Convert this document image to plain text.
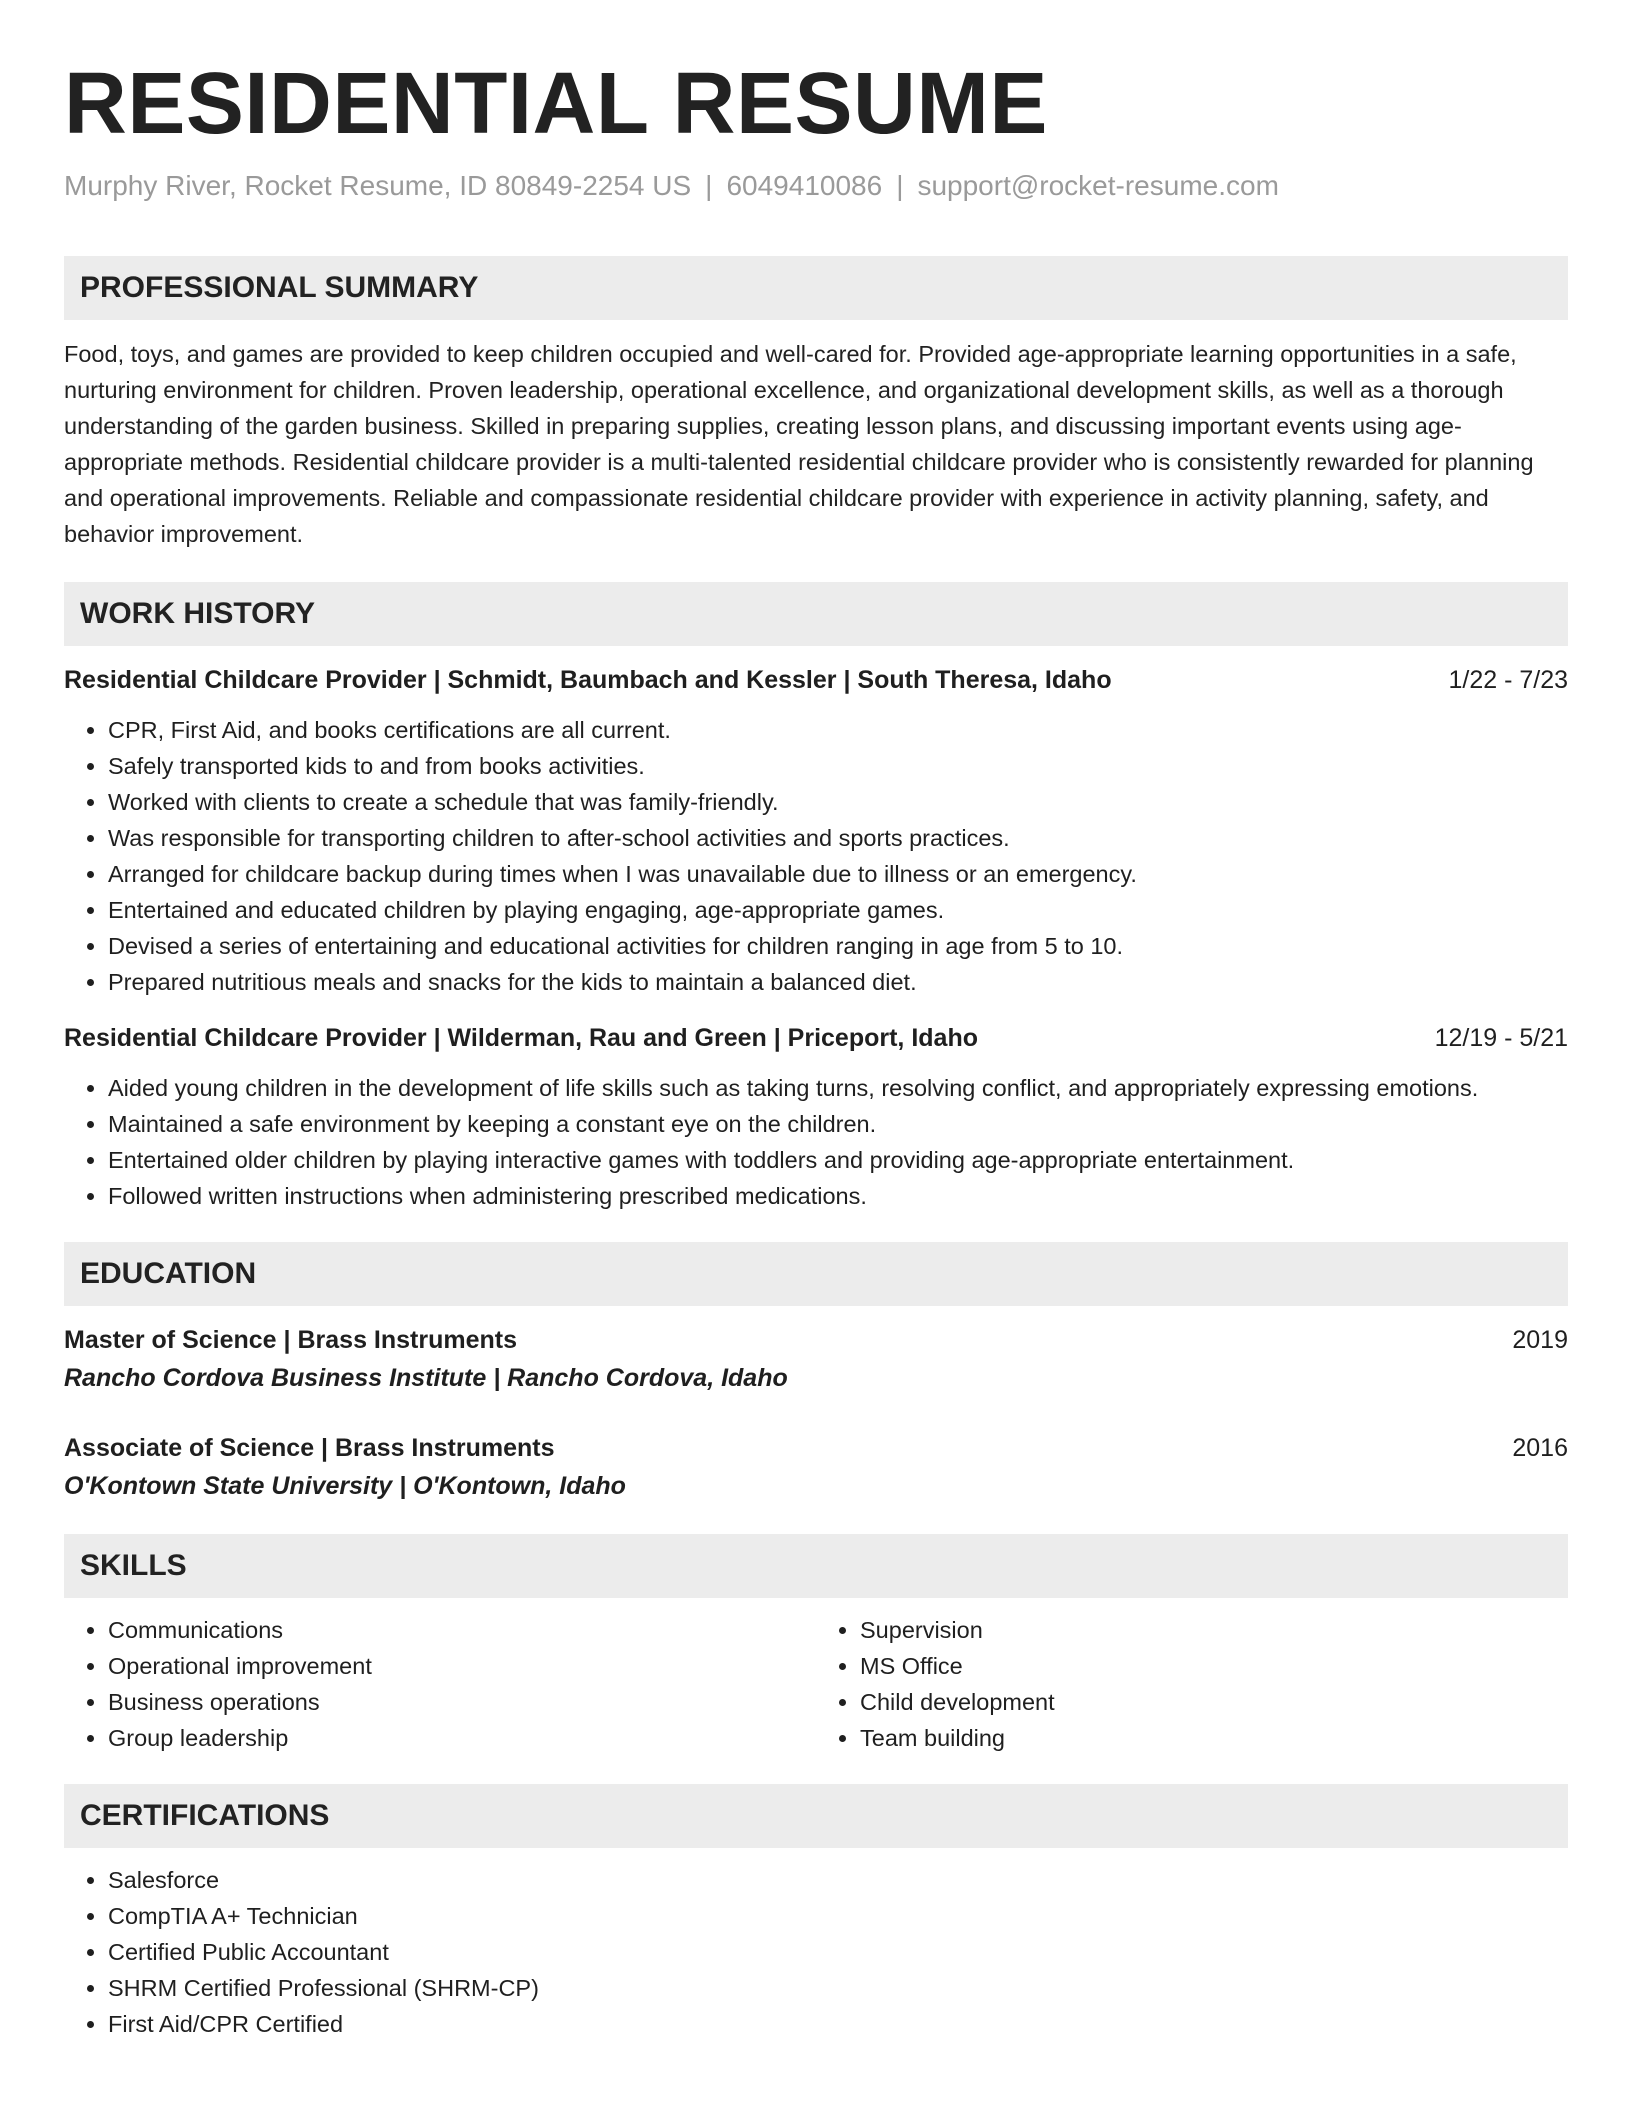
RESIDENTIAL RESUME
Murphy River, Rocket Resume, ID 80849-2254 US | 6049410086 | support@rocket-resume.com
PROFESSIONAL SUMMARY

Food, toys, and games are provided to keep children occupied and well-cared for. Provided age-appropriate learning opportunities in a safe, nurturing environment for children. Proven leadership, operational excellence, and organizational development skills, as well as a thorough understanding of the garden business. Skilled in preparing supplies, creating lesson plans, and discussing important events using age-appropriate methods. Residential childcare provider is a multi-talented residential childcare provider who is consistently rewarded for planning and operational improvements. Reliable and compassionate residential childcare provider with experience in activity planning, safety, and behavior improvement.

WORK HISTORY
Residential Childcare Provider | Schmidt, Baumbach and Kessler | South Theresa, Idaho	1/22 - 7/23
• CPR, First Aid, and books certifications are all current.
• Safely transported kids to and from books activities.
• Worked with clients to create a schedule that was family-friendly.
• Was responsible for transporting children to after-school activities and sports practices.
• Arranged for childcare backup during times when I was unavailable due to illness or an emergency.
• Entertained and educated children by playing engaging, age-appropriate games.
• Devised a series of entertaining and educational activities for children ranging in age from 5 to 10.
• Prepared nutritious meals and snacks for the kids to maintain a balanced diet.
Residential Childcare Provider | Wilderman, Rau and Green | Priceport, Idaho	12/19 - 5/21
• Aided young children in the development of life skills such as taking turns, resolving conflict, and appropriately expressing emotions.
• Maintained a safe environment by keeping a constant eye on the children.
• Entertained older children by playing interactive games with toddlers and providing age-appropriate entertainment.
• Followed written instructions when administering prescribed medications.
EDUCATION
Master of Science | Brass Instruments	2019
Rancho Cordova Business Institute | Rancho Cordova, Idaho
Associate of Science | Brass Instruments	2016
O'Kontown State University | O'Kontown, Idaho
SKILLS
• Communications
• Operational improvement
• Business operations
• Group leadership
• Supervision
• MS Office
• Child development
• Team building
CERTIFICATIONS
• Salesforce
• CompTIA A+ Technician
• Certified Public Accountant
• SHRM Certified Professional (SHRM-CP)
• First Aid/CPR Certified
